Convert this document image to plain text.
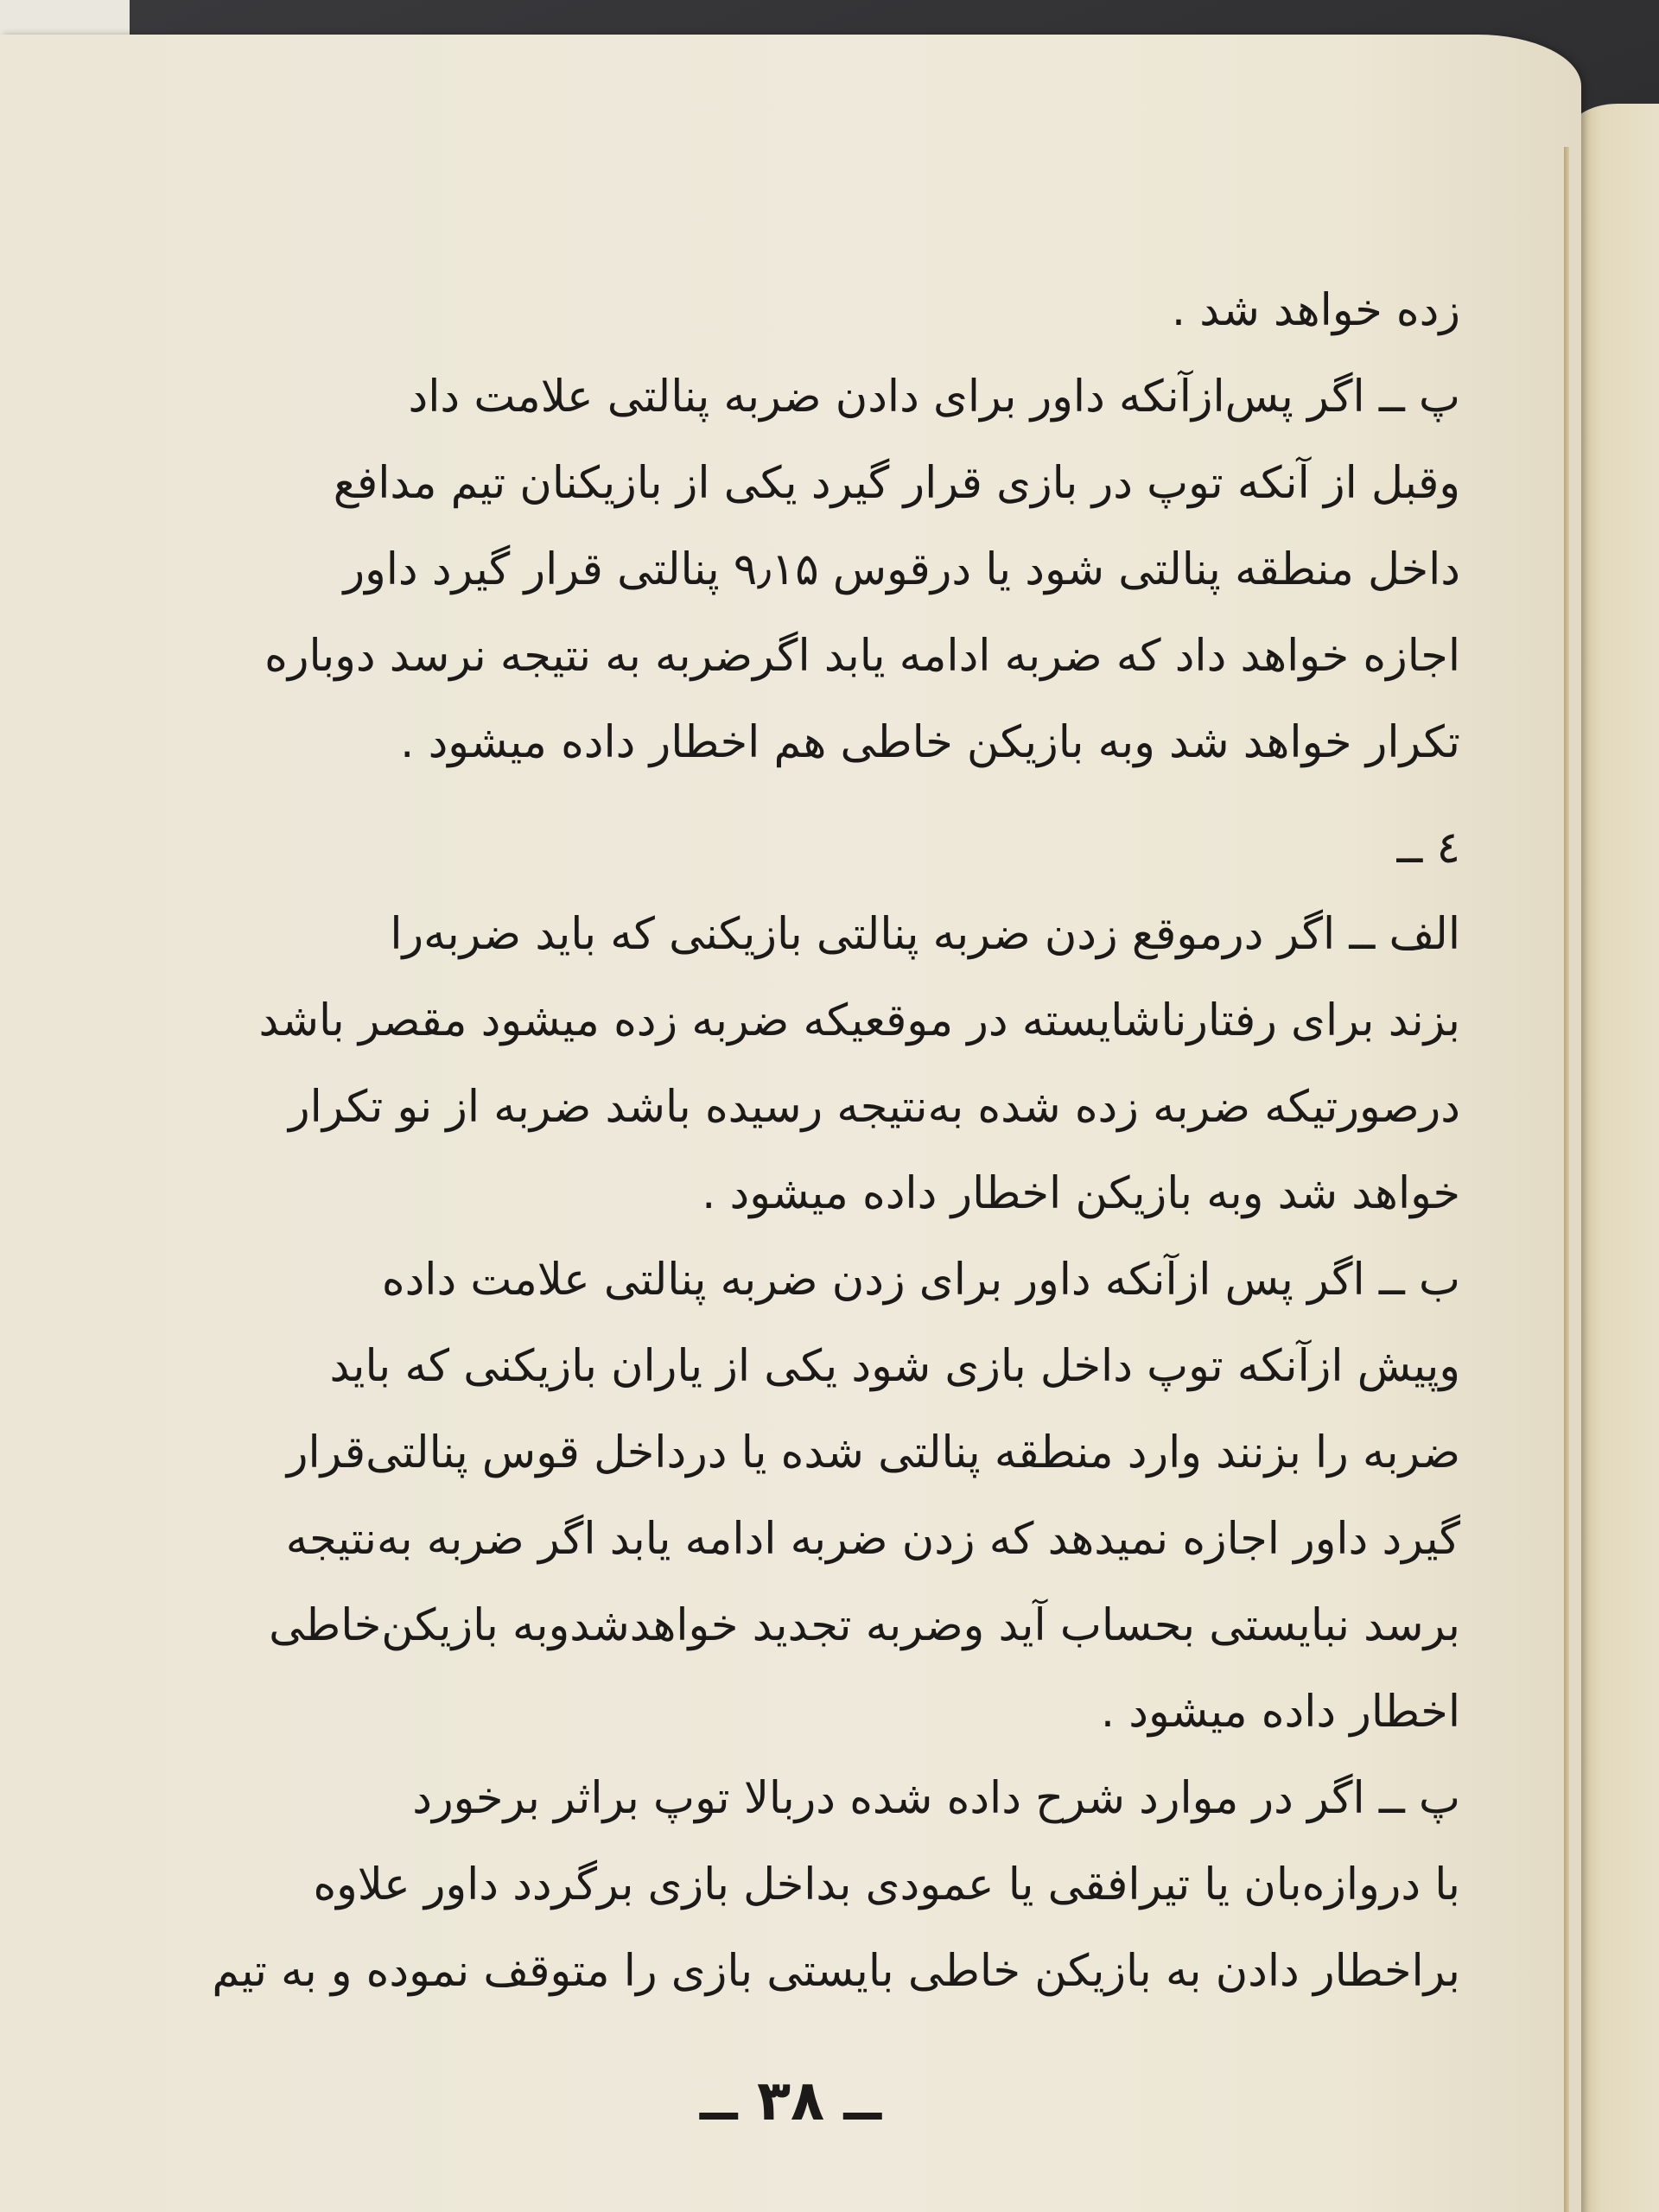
زده خواهد شد .
پ ــ اگر پس‌ازآنکه داور برای دادن ضربه پنالتی علامت داد
وقبل از آنکه توپ در بازی قرار گیرد یکی از بازیکنان تیم مدافع
داخل منطقه پنالتی شود یا درقوس ۹٫۱۵ پنالتی قرار گیرد داور
اجازه خواهد داد که ضربه ادامه یابد اگرضربه به نتیجه نرسد دوباره
تکرار خواهد شد وبه بازیکن خاطی هم اخطار داده میشود .
٤ ــ
الف ــ اگر درموقع زدن ضربه پنالتی بازیکنی که باید ضربه‌را
بزند برای رفتارناشایسته در موقعیکه ضربه زده میشود مقصر باشد
درصورتیکه ضربه زده شده به‌نتیجه رسیده باشد ضربه از نو تکرار
خواهد شد وبه بازیکن اخطار داده میشود .
ب ــ اگر پس ازآنکه داور برای زدن ضربه پنالتی علامت داده
وپیش ازآنکه توپ داخل بازی شود یکی از یاران بازیکنی که باید
ضربه را بزنند وارد منطقه پنالتی شده یا درداخل قوس پنالتی‌قرار
گیرد داور اجازه نمیدهد که زدن ضربه ادامه یابد اگر ضربه به‌نتیجه
برسد نبایستی بحساب آید وضربه تجدید خواهدشدوبه بازیکن‌خاطی
اخطار داده میشود .
پ ــ اگر در موارد شرح داده شده دربالا توپ براثر برخورد
با دروازه‌بان یا تیرافقی یا عمودی بداخل بازی برگردد داور علاوه
براخطار دادن به بازیکن خاطی بایستی بازی را متوقف نموده و به تیم
ــ ۳۸ ــ
